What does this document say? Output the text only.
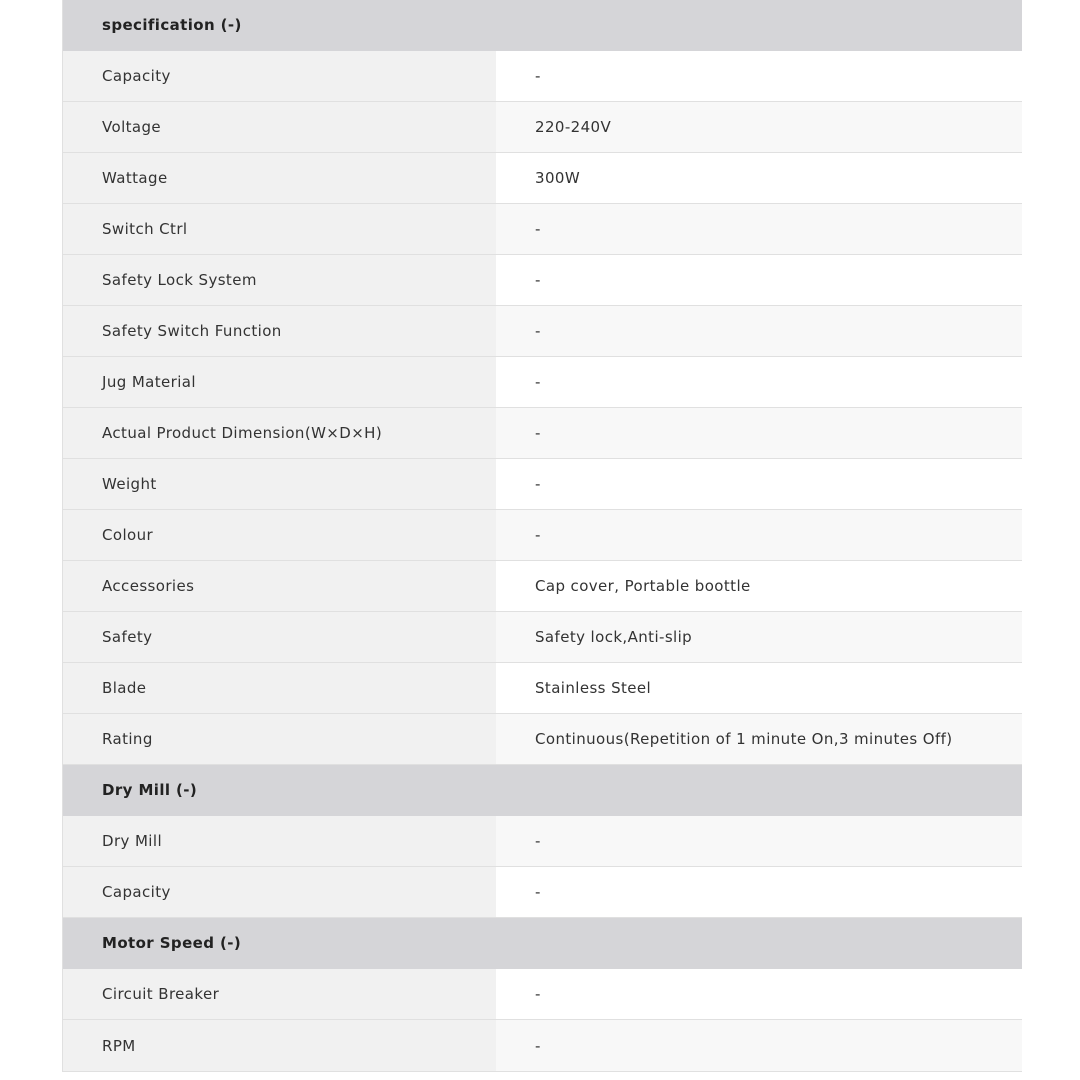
specification (-)
Capacity	-
Voltage	220-240V
Wattage	300W
Switch Ctrl	-
Safety Lock System	-
Safety Switch Function	-
Jug Material	-
Actual Product Dimension(W×D×H)	-
Weight	-
Colour	-
Accessories	Cap cover, Portable boottle
Safety	Safety lock,Anti-slip
Blade	Stainless Steel
Rating	Continuous(Repetition of 1 minute On,3 minutes Off)
Dry Mill (-)
Dry Mill	-
Capacity	-
Motor Speed (-)
Circuit Breaker	-
RPM	-
